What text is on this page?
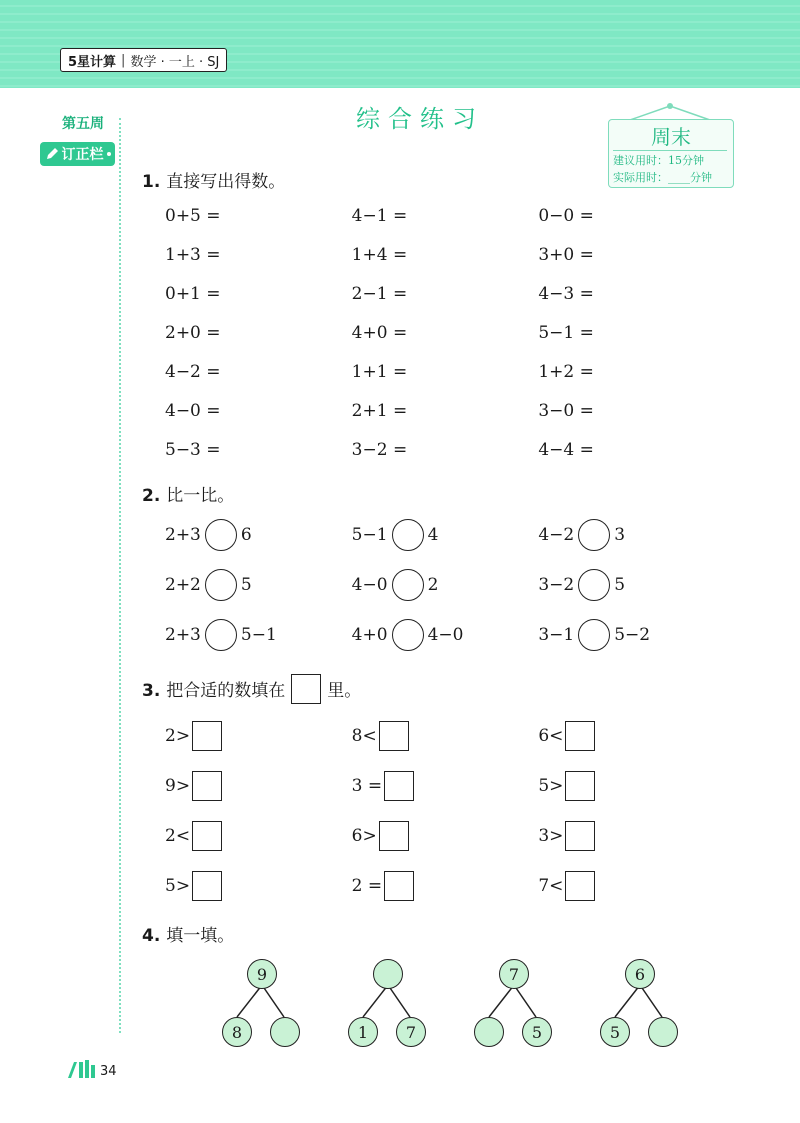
5星计算 | 数学 · 一上 · SJ
第五周
订正栏
综合练习
周末
建议用时：15分钟
实际用时：____分钟
1. 直接写出得数。
0+5 =	4−1 =	0−0 =
1+3 =	1+4 =	3+0 =
0+1 =	2−1 =	4−3 =
2+0 =	4+0 =	5−1 =
4−2 =	1+1 =	1+2 =
4−0 =	2+1 =	3−0 =
5−3 =	3−2 =	4−4 =
2. 比一比。
2+3 6	5−1 4	4−2 3
2+2 5	4−0 2	3−2 5
2+3 5−1	4+0 4−0	3−1 5−2
3. 把合适的数填在 里。
2>	8<	6<
9>	3 =	5>
2<	6>	3>
5>	2 =	7<
4. 填一填。
9
8	1	7
7
5
6
5
34
